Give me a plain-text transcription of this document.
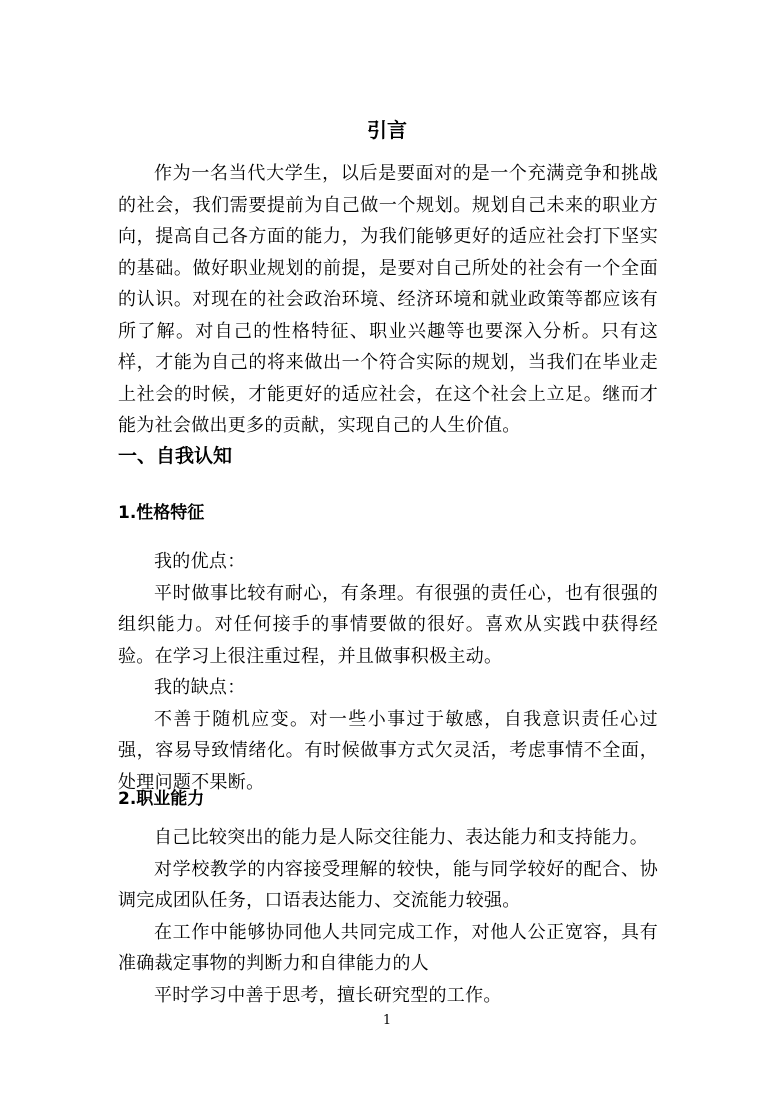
引言

作为一名当代大学生，以后是要面对的是一个充满竞争和挑战的社会，我们需要提前为自己做一个规划。规划自己未来的职业方向，提高自己各方面的能力，为我们能够更好的适应社会打下坚实的基础。做好职业规划的前提，是要对自己所处的社会有一个全面的认识。对现在的社会政治环境、经济环境和就业政策等都应该有所了解。对自己的性格特征、职业兴趣等也要深入分析。只有这样，才能为自己的将来做出一个符合实际的规划，当我们在毕业走上社会的时候，才能更好的适应社会，在这个社会上立足。继而才能为社会做出更多的贡献，实现自己的人生价值。

一、自我认知
1.性格特征

我的优点：

平时做事比较有耐心，有条理。有很强的责任心，也有很强的组织能力。对任何接手的事情要做的很好。喜欢从实践中获得经验。在学习上很注重过程，并且做事积极主动。

我的缺点：

不善于随机应变。对一些小事过于敏感，自我意识责任心过强，容易导致情绪化。有时候做事方式欠灵活，考虑事情不全面，处理问题不果断。

2.职业能力

自己比较突出的能力是人际交往能力、表达能力和支持能力。

对学校教学的内容接受理解的较快，能与同学较好的配合、协调完成团队任务，口语表达能力、交流能力较强。

在工作中能够协同他人共同完成工作，对他人公正宽容，具有准确裁定事物的判断力和自律能力的人

平时学习中善于思考，擅长研究型的工作。

1
